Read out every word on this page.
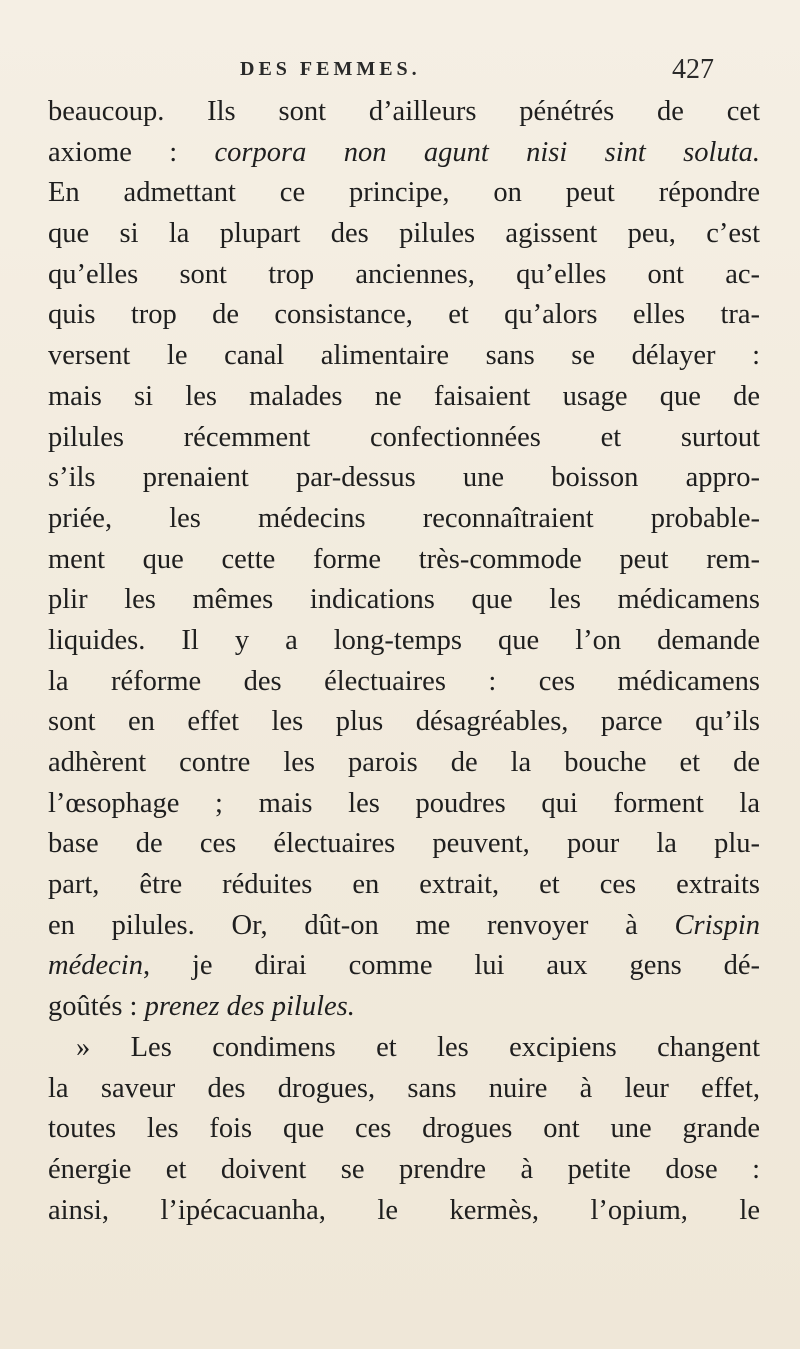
DES FEMMES.	427
beaucoup. Ils sont d’ailleurs pénétrés de cet
axiome : corpora non agunt nisi sint soluta.
En admettant ce principe, on peut répondre
que si la plupart des pilules agissent peu, c’est
qu’elles sont trop anciennes, qu’elles ont ac-
quis trop de consistance, et qu’alors elles tra-
versent le canal alimentaire sans se délayer :
mais si les malades ne faisaient usage que de
pilules récemment confectionnées et surtout
s’ils prenaient par-dessus une boisson appro-
priée, les médecins reconnaîtraient probable-
ment que cette forme très-commode peut rem-
plir les mêmes indications que les médicamens
liquides. Il y a long-temps que l’on demande
la réforme des électuaires : ces médicamens
sont en effet les plus désagréables, parce qu’ils
adhèrent contre les parois de la bouche et de
l’œsophage ; mais les poudres qui forment la
base de ces électuaires peuvent, pour la plu-
part, être réduites en extrait, et ces extraits
en pilules. Or, dût-on me renvoyer à Crispin
médecin, je dirai comme lui aux gens dé-
goûtés : prenez des pilules.
» Les condimens et les excipiens changent
la saveur des drogues, sans nuire à leur effet,
toutes les fois que ces drogues ont une grande
énergie et doivent se prendre à petite dose :
ainsi, l’ipécacuanha, le kermès, l’opium, le
